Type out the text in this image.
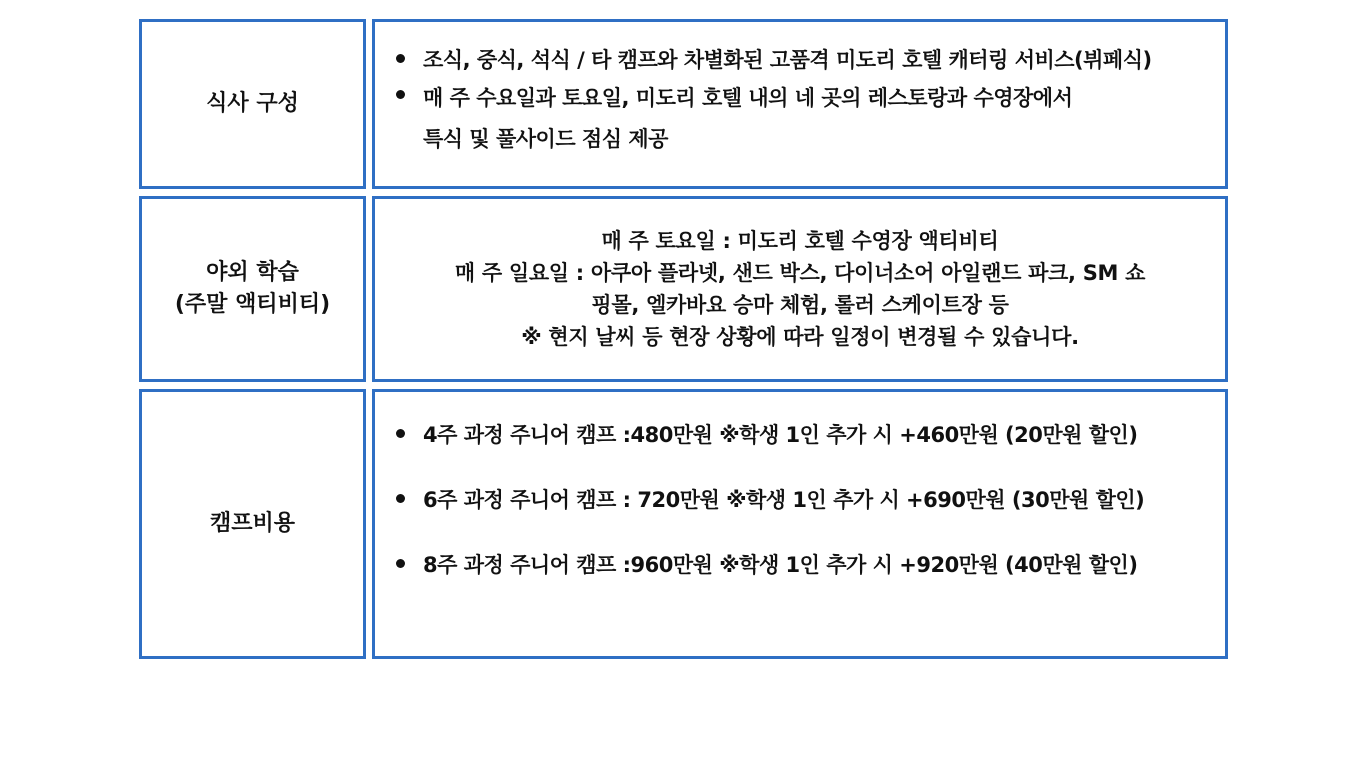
식사 구성
조식, 중식, 석식 / 타 캠프와 차별화된 고품격 미도리 호텔 캐터링 서비스(뷔페식)
매 주 수요일과 토요일, 미도리 호텔 내의 네 곳의 레스토랑과 수영장에서
특식 및 풀사이드 점심 제공
야외 학습
(주말 액티비티)
매 주 토요일 : 미도리 호텔 수영장 액티비티
매 주 일요일 : 아쿠아 플라넷, 샌드 박스, 다이너소어 아일랜드 파크, SM 쇼
핑몰, 엘카바요 승마 체험, 롤러 스케이트장 등
※ 현지 날씨 등 현장 상황에 따라 일정이 변경될 수 있습니다.
캠프비용
4주 과정 주니어 캠프 :480만원 ※학생 1인 추가 시 +460만원 (20만원 할인)
6주 과정 주니어 캠프 : 720만원 ※학생 1인 추가 시 +690만원 (30만원 할인)
8주 과정 주니어 캠프 :960만원 ※학생 1인 추가 시 +920만원 (40만원 할인)
